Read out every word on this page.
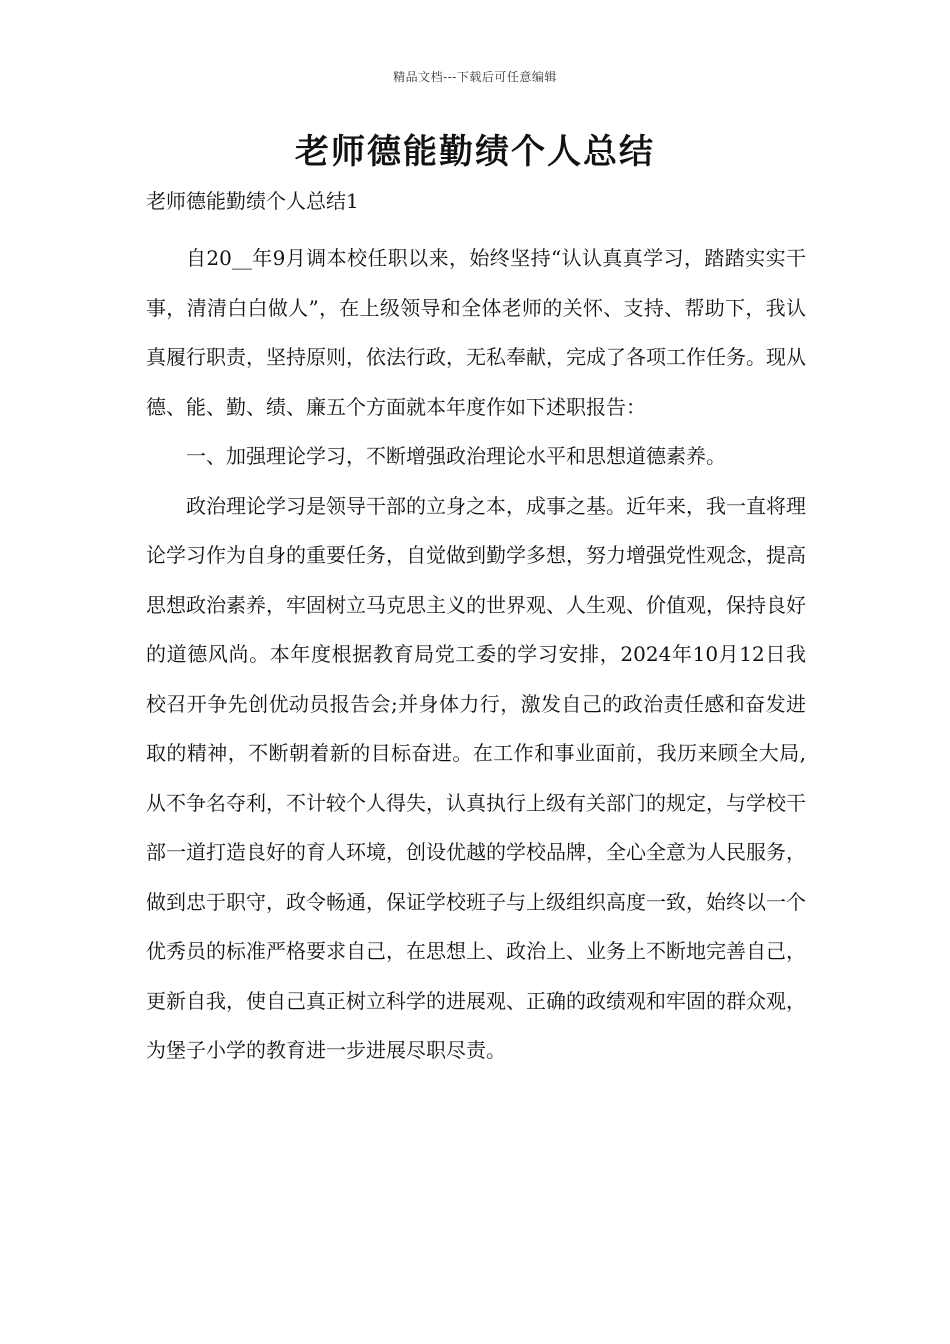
精品文档---下载后可任意编辑
老师德能勤绩个人总结
老师德能勤绩个人总结1

自20__年9月调本校任职以来，始终坚持“认认真真学习，踏踏实实干事，清清白白做人”，在上级领导和全体老师的关怀、支持、帮助下，我认真履行职责，坚持原则，依法行政，无私奉献，完成了各项工作任务。现从德、能、勤、绩、廉五个方面就本年度作如下述职报告：

一、加强理论学习，不断增强政治理论水平和思想道德素养。

政治理论学习是领导干部的立身之本，成事之基。近年来，我一直将理论学习作为自身的重要任务，自觉做到勤学多想，努力增强党性观念，提高思想政治素养，牢固树立马克思主义的世界观、人生观、价值观，保持良好的道德风尚。本年度根据教育局党工委的学习安排，2024年10月12日我校召开争先创优动员报告会;并身体力行，激发自己的政治责任感和奋发进取的精神，不断朝着新的目标奋进。在工作和事业面前，我历来顾全大局,从不争名夺利，不计较个人得失，认真执行上级有关部门的规定，与学校干部一道打造良好的育人环境，创设优越的学校品牌，全心全意为人民服务，做到忠于职守，政令畅通，保证学校班子与上级组织高度一致，始终以一个优秀员的标准严格要求自己，在思想上、政治上、业务上不断地完善自己，更新自我，使自己真正树立科学的进展观、正确的政绩观和牢固的群众观，为堡子小学的教育进一步进展尽职尽责。
